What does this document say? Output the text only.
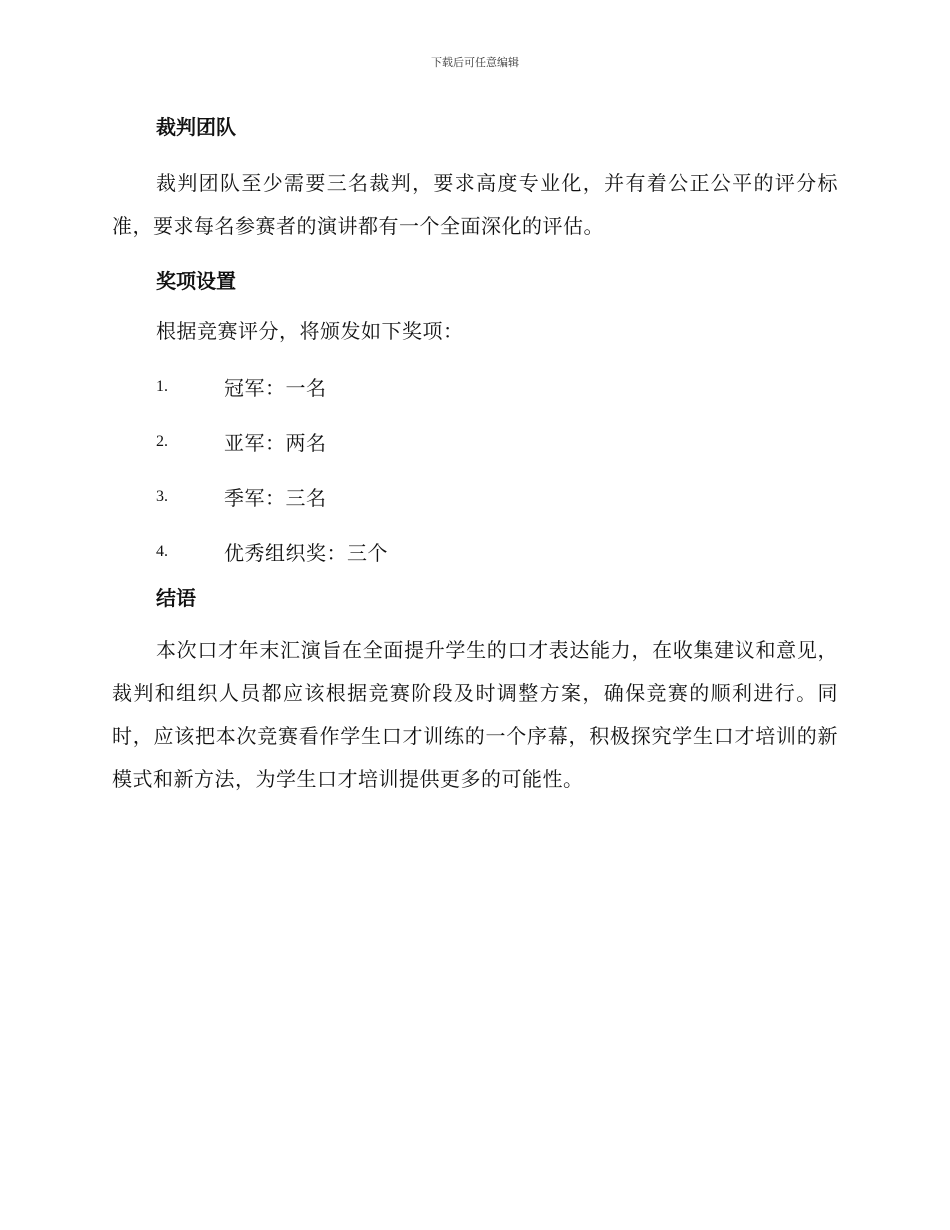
下载后可任意编辑
裁判团队

裁判团队至少需要三名裁判，要求高度专业化，并有着公正公平的评分标准，要求每名参赛者的演讲都有一个全面深化的评估。

奖项设置

根据竞赛评分，将颁发如下奖项：

1.	冠军：一名
2.	亚军：两名
3.	季军：三名
4.	优秀组织奖：三个
结语

本次口才年末汇演旨在全面提升学生的口才表达能力，在收集建议和意见，裁判和组织人员都应该根据竞赛阶段及时调整方案，确保竞赛的顺利进行。同时，应该把本次竞赛看作学生口才训练的一个序幕，积极探究学生口才培训的新模式和新方法，为学生口才培训提供更多的可能性。
